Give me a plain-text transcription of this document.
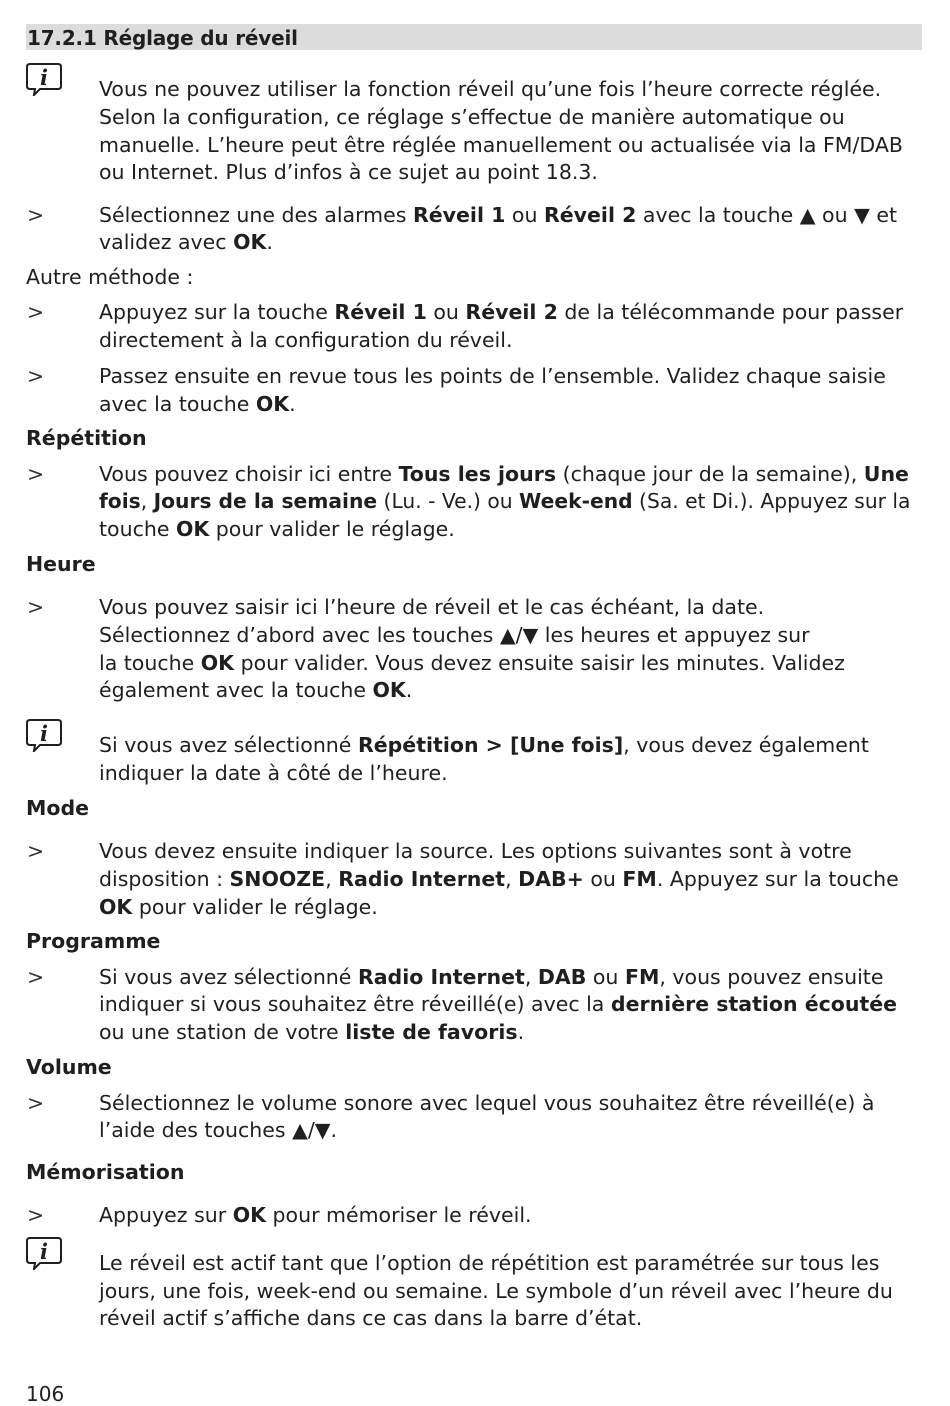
17.2.1 Réglage du réveil
i Vous ne pouvez utiliser la fonction réveil qu’une fois l’heure correcte réglée.
Selon la configuration, ce réglage s’effectue de manière automatique ou
manuelle. L’heure peut être réglée manuellement ou actualisée via la FM/DAB
ou Internet. Plus d’infos à ce sujet au point 18.3.
>	Sélectionnez une des alarmes Réveil 1 ou Réveil 2 avec la touche ▲ ou ▼ et
validez avec OK.
Autre méthode :
>	Appuyez sur la touche Réveil 1 ou Réveil 2 de la télécommande pour passer
directement à la configuration du réveil.
>	Passez ensuite en revue tous les points de l’ensemble. Validez chaque saisie
avec la touche OK.
Répétition
>	Vous pouvez choisir ici entre Tous les jours (chaque jour de la semaine), Une
fois, Jours de la semaine (Lu. - Ve.) ou Week-end (Sa. et Di.). Appuyez sur la
touche OK pour valider le réglage.
Heure
>	Vous pouvez saisir ici l’heure de réveil et le cas échéant, la date.
Sélectionnez d’abord avec les touches ▲/▼ les heures et appuyez sur
la touche OK pour valider. Vous devez ensuite saisir les minutes. Validez
également avec la touche OK.
i Si vous avez sélectionné Répétition > [Une fois], vous devez également
indiquer la date à côté de l’heure.
Mode
>	Vous devez ensuite indiquer la source. Les options suivantes sont à votre
disposition : SNOOZE, Radio Internet, DAB+ ou FM. Appuyez sur la touche
OK pour valider le réglage.
Programme
>	Si vous avez sélectionné Radio Internet, DAB ou FM, vous pouvez ensuite
indiquer si vous souhaitez être réveillé(e) avec la dernière station écoutée
ou une station de votre liste de favoris.
Volume
>	Sélectionnez le volume sonore avec lequel vous souhaitez être réveillé(e) à
l’aide des touches ▲/▼.
Mémorisation
>	Appuyez sur OK pour mémoriser le réveil.
i Le réveil est actif tant que l’option de répétition est paramétrée sur tous les
jours, une fois, week-end ou semaine. Le symbole d’un réveil avec l’heure du
réveil actif s’affiche dans ce cas dans la barre d’état.
106
